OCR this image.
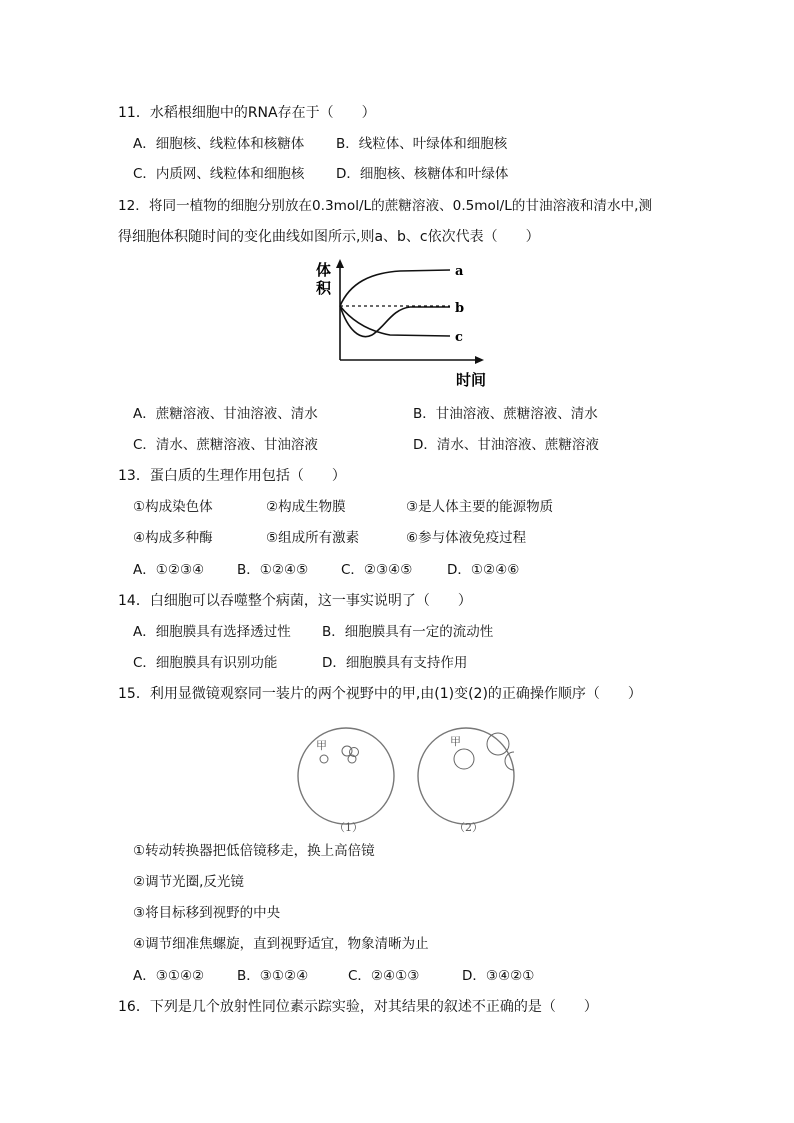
11．水稻根细胞中的RNA存在于（　　）
A．细胞核、线粒体和核糖体 B．线粒体、叶绿体和细胞核
C．内质网、线粒体和细胞核 D．细胞核、核糖体和叶绿体
12．将同一植物的细胞分别放在0.3mol/L的蔗糖溶液、0.5mol/L的甘油溶液和清水中,测
得细胞体积随时间的变化曲线如图所示,则a、b、c依次代表（　　）
体
积
时间
a
b
c
A．蔗糖溶液、甘油溶液、清水	B．甘油溶液、蔗糖溶液、清水
C．清水、蔗糖溶液、甘油溶液	D．清水、甘油溶液、蔗糖溶液
13．蛋白质的生理作用包括（　　）
①构成染色体	②构成生物膜	③是人体主要的能源物质
④构成多种酶	⑤组成所有激素	⑥参与体液免疫过程
A．①②③④ B．①②④⑤ C．②③④⑤	D．①②④⑥
14．白细胞可以吞噬整个病菌，这一事实说明了（　　）
A．细胞膜具有选择透过性 B．细胞膜具有一定的流动性
C．细胞膜具有识别功能	D．细胞膜具有支持作用
15．利用显微镜观察同一装片的两个视野中的甲,由(1)变(2)的正确操作顺序（　　）
甲
（1）
甲
（2）
①转动转换器把低倍镜移走，换上高倍镜
②调节光圈,反光镜
③将目标移到视野的中央
④调节细准焦螺旋，直到视野适宜，物象清晰为止
A．③①④② B．③①②④	C．②④①③	D．③④②①
16．下列是几个放射性同位素示踪实验，对其结果的叙述不正确的是（　　）
